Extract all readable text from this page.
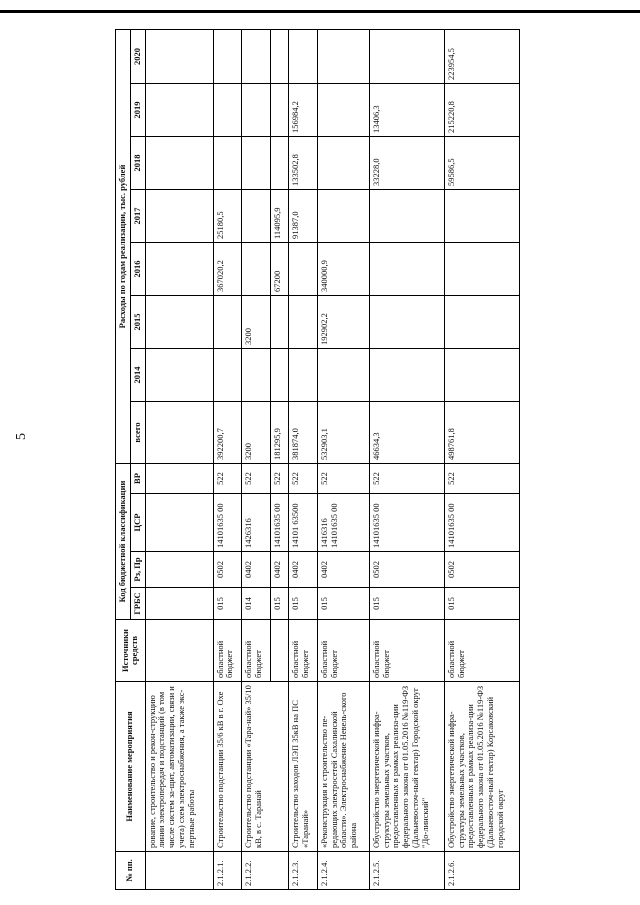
5
№ пп.	Наименование мероприятия	Источники средств	Код бюджетной классификации				Расходы по годам реализации, тыс. рублей							
			ГРБС	Рз, Пр	ЦСР	ВР	всего	2014	2015	2016	2017	2018	2019	2020
	ровапие, строительство и рекон-струкцию линии электропередач и подстанций (в том числе систем за-щит, автоматизации, связи и учета) схем электроснабжения, а также экс-пертные работы													
2.1.2.1.	Строительство подстанции 35/6 кВ в г. Охе	областной бюджет	015	0502	14101635 00	522	392200,7			367020,2	25180,5			
2.1.2.2.	Строительство подстанции «Тара-най» 35/10 кВ, в с. Таранай	областной бюджет	014	0402	1426316	522	3200		3200					
			015	0402	14101635 00	522	181295,9			67200	114095,9			
2.1.2.3.	Строительство заходов ЛЭП 35кВ на ПС «Таранай»	областной бюджет	015	0402	14101 63500	522	381874,0				91387,0	133502,8	156984,2	
2.1.2.4.	«Реконструкция и строительство пе-редающих электросетей Сахалинской области». Электроснабжение Невель-ского района	областной бюджет	015	0402	1416316 14101635 00	522	532903,1		192902,2	340000,9				
2.1.2.5.	Обустройство энергетической инфра-структуры земельных участков, предоставленных в рамках реализа-ции федерального закона от 01.05.2016 №119-ФЗ (Дальневосточ-ный гектар) Городской округ "До-линский"	областной бюджет	015	0502	14101635 00	522	46634,3					33228,0	13406,3	
2.1.2.6.	Обустройство энергетической инфра-структуры земельных участков, предоставленных в рамках реализа-ции федерального закона от 01.05.2016 №119-ФЗ (Дальневосточ-ный гектар) Корсаковский городской округ	областной бюджет	015	0502	14101635 00	522	498761,8					59586,5	215220,8	223954,5
